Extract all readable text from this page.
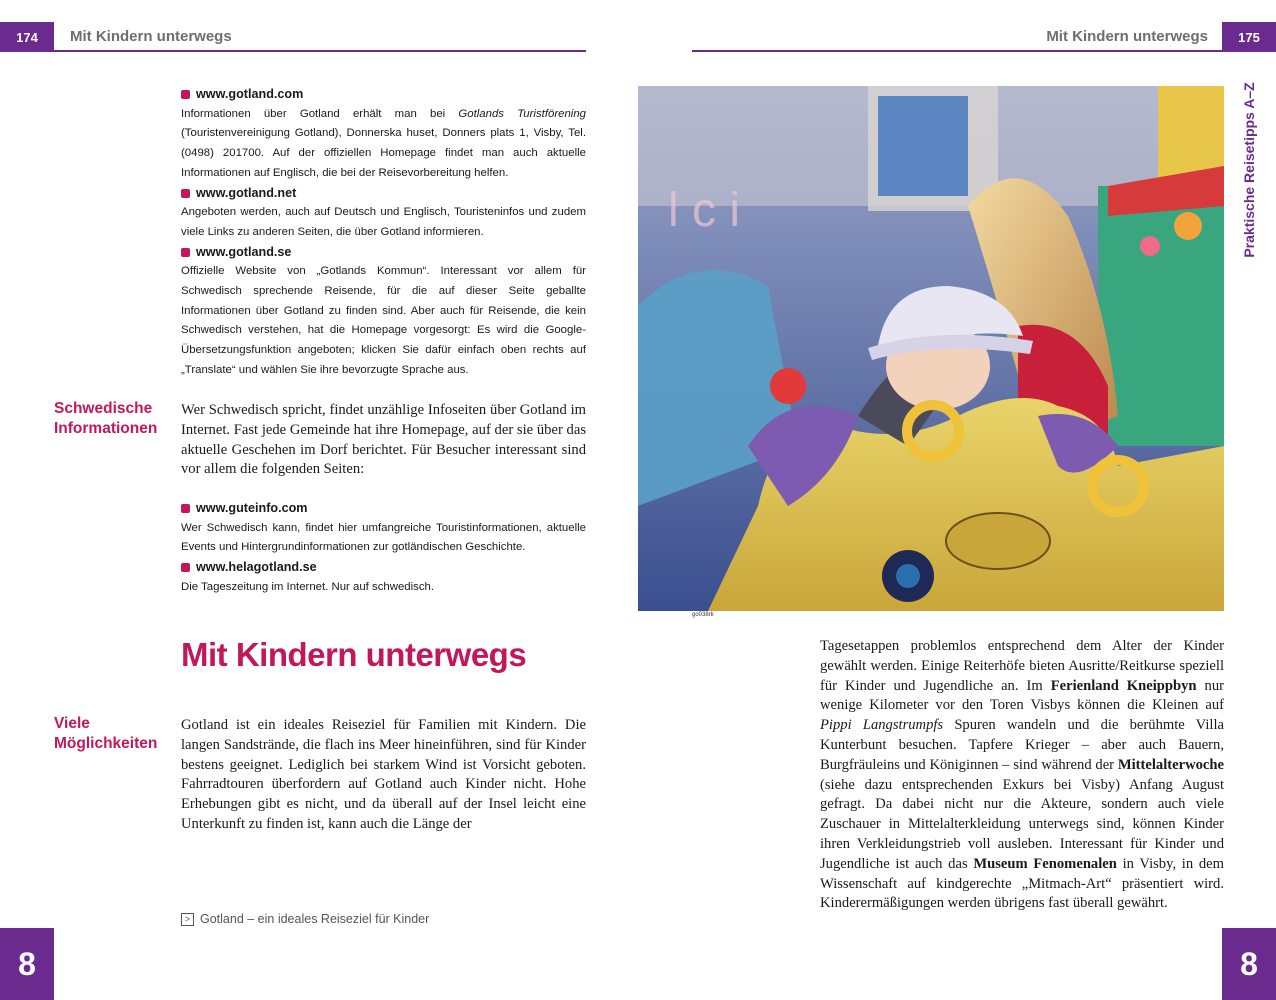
174	Mit Kindern unterwegs
www.gotland.com
Informationen über Gotland erhält man bei Gotlands Turistförening (Touristenvereinigung Gotland), Donnerska huset, Donners plats 1, Visby, Tel. (0498) 201700. Auf der offiziellen Homepage findet man auch aktuelle Informationen auf Englisch, die bei der Reisevorbereitung helfen.
www.gotland.net
Angeboten werden, auch auf Deutsch und Englisch, Touristeninfos und zudem viele Links zu anderen Seiten, die über Gotland informieren.
www.gotland.se
Offizielle Website von „Gotlands Kommun“. Interessant vor allem für Schwedisch sprechende Reisende, für die auf dieser Seite geballte Informationen über Gotland zu finden sind. Aber auch für Reisende, die kein Schwedisch verstehen, hat die Homepage vorgesorgt: Es wird die Google-Übersetzungsfunktion angeboten; klicken Sie dafür einfach oben rechts auf „Translate“ und wählen Sie ihre bevorzugte Sprache aus.
Schwedische
Informationen
Wer Schwedisch spricht, findet unzählige Infoseiten über Gotland im Internet. Fast jede Gemeinde hat ihre Homepage, auf der sie über das aktuelle Geschehen im Dorf berichtet. Für Besucher interessant sind vor allem die folgenden Seiten:
www.guteinfo.com
Wer Schwedisch kann, findet hier umfangreiche Touristinformationen, aktuelle Events und Hintergrundinformationen zur gotländischen Geschichte.
www.helagotland.se
Die Tageszeitung im Internet. Nur auf schwedisch.
Mit Kindern unterwegs
Viele
Möglichkeiten
Gotland ist ein ideales Reiseziel für Familien mit Kindern. Die langen Sandstrände, die flach ins Meer hineinführen, sind für Kinder bestens geeignet. Lediglich bei starkem Wind ist Vorsicht geboten. Fahrradtouren überfordern auf Gotland auch Kinder nicht. Hohe Erhebungen gibt es nicht, und da überall auf der Insel leicht eine Unterkunft zu finden ist, kann auch die Länge der
> Gotland – ein ideales Reiseziel für Kinder
8
Mit Kindern unterwegs	175
Praktische Reisetipps A–Z
l c i
go038rk
Tagesetappen problemlos entsprechend dem Alter der Kinder gewählt werden. Einige Reiterhöfe bieten Ausritte/Reitkurse speziell für Kinder und Jugendliche an. Im Ferienland Kneippbyn nur wenige Kilometer vor den Toren Visbys können die Kleinen auf Pippi Langstrumpfs Spuren wandeln und die berühmte Villa Kunterbunt besuchen. Tapfere Krieger – aber auch Bauern, Burgfräuleins und Königinnen – sind während der Mittelalterwoche (siehe dazu entsprechenden Exkurs bei Visby) Anfang August gefragt. Da dabei nicht nur die Akteure, sondern auch viele Zuschauer in Mittelalterkleidung unterwegs sind, können Kinder ihren Verkleidungstrieb voll ausleben. Interessant für Kinder und Jugendliche ist auch das Museum Fenomenalen in Visby, in dem Wissenschaft auf kindgerechte „Mitmach-Art“ präsentiert wird. Kinderermäßigungen werden übrigens fast überall gewährt.
8
